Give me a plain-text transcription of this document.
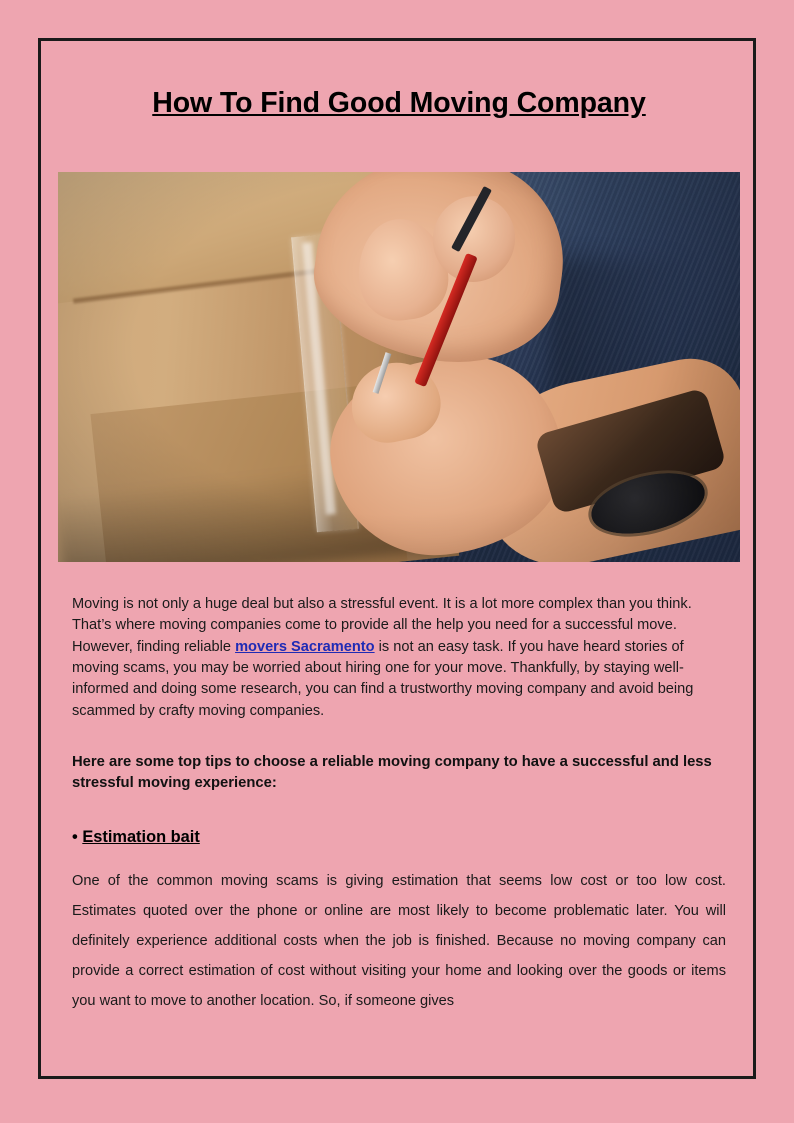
How To Find Good Moving Company

Moving is not only a huge deal but also a stressful event. It is a lot more complex than you think. That’s where moving companies come to provide all the help you need for a successful move. However, finding reliable movers Sacramento is not an easy task. If you have heard stories of moving scams, you may be worried about hiring one for your move. Thankfully, by staying well-informed and doing some research, you can find a trustworthy moving company and avoid being scammed by crafty moving companies.

Here are some top tips to choose a reliable moving company to have a successful and less stressful moving experience:

• Estimation bait

One of the common moving scams is giving estimation that seems low cost or too low cost. Estimates quoted over the phone or online are most likely to become problematic later. You will definitely experience additional costs when the job is finished. Because no moving company can provide a correct estimation of cost without visiting your home and looking over the goods or items you want to move to another location. So, if someone gives
